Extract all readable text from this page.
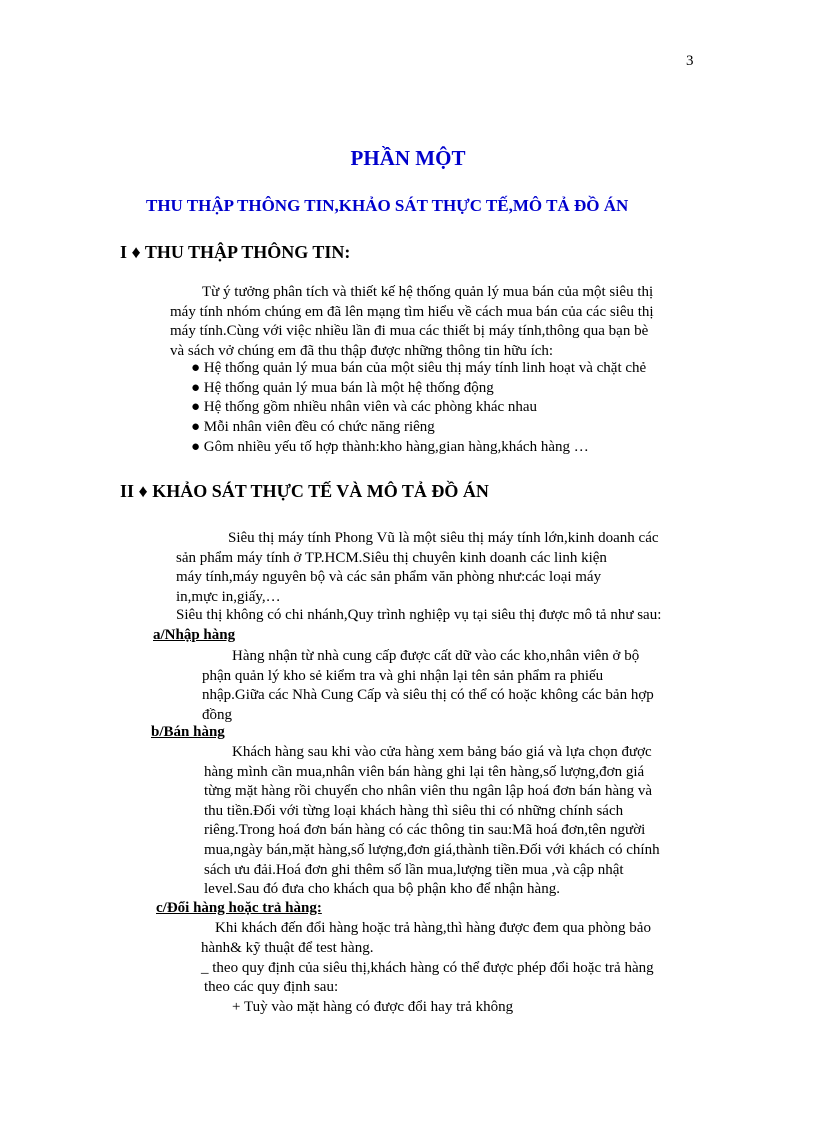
3
PHẦN MỘT
THU THẬP THÔNG TIN,KHẢO SÁT THỰC TẾ,MÔ TẢ ĐỒ ÁN
I ♦ THU THẬP THÔNG TIN:
Từ ý tưởng phân tích và thiết kế hệ thống quản lý mua bán của một siêu thị
máy tính nhóm chúng em đã lên mạng tìm hiểu về cách mua bán của các siêu thị
máy tính.Cùng với việc nhiều lần đi mua các thiết bị máy tính,thông qua bạn bè
và sách vở chúng em đã thu thập được những thông tin hữu ích:
● Hệ thống quản lý mua bán của một siêu thị máy tính linh hoạt và chặt chẻ
● Hệ thống quản lý mua bán là một hệ thống động
● Hệ thống gồm nhiều nhân viên và các phòng khác nhau
● Mỗi nhân viên đều có chức năng riêng
● Gôm nhiều yếu tố hợp thành:kho hàng,gian hàng,khách hàng …
II ♦ KHẢO SÁT THỰC TẾ VÀ MÔ TẢ ĐỒ ÁN
Siêu thị máy tính Phong Vũ là một siêu thị máy tính lớn,kinh doanh các
sản phẩm máy tính ở TP.HCM.Siêu thị chuyên kinh doanh các linh kiện
máy tính,máy nguyên bộ và các sản phẩm văn phòng như:các loại máy
in,mực in,giấy,…
Siêu thị không có chi nhánh,Quy trình nghiệp vụ tại siêu thị được mô tả như sau:
a/Nhập hàng
Hàng nhận từ nhà cung cấp được cất dữ vào các kho,nhân viên ở bộ
phận quản lý kho sẻ kiểm tra và ghi nhận lại tên sản phẩm ra phiếu
nhập.Giữa các Nhà Cung Cấp và siêu thị có thể có hoặc không các bản hợp
đồng
b/Bán hàng
Khách hàng sau khi vào cửa hàng xem bảng báo giá và lựa chọn được
hàng mình cần mua,nhân viên bán hàng ghi lại tên hàng,số lượng,đơn giá
từng mặt hàng rồi chuyển cho nhân viên thu ngân lập hoá đơn bán hàng và
thu tiền.Đối với từng loại khách hàng thì siêu thi có những chính sách
riêng.Trong hoá đơn bán hàng có các thông tin sau:Mã hoá đơn,tên người
mua,ngày bán,mặt hàng,số lượng,đơn giá,thành tiền.Đối với khách có chính
sách ưu đải.Hoá đơn ghi thêm số lần mua,lượng tiền mua ,và cập nhật
level.Sau đó đưa cho khách qua bộ phận kho để nhận hàng.
c/Đổi hàng hoặc trả hàng:
Khi khách đến đổi hàng hoặc trả hàng,thì hàng được đem qua phòng bảo
hành& kỹ thuật để test hàng.
_ theo quy định của siêu thị,khách hàng có thể được phép đổi hoặc trả hàng
theo các quy định sau:
+ Tuỳ vào mặt hàng có được đổi hay trả không
